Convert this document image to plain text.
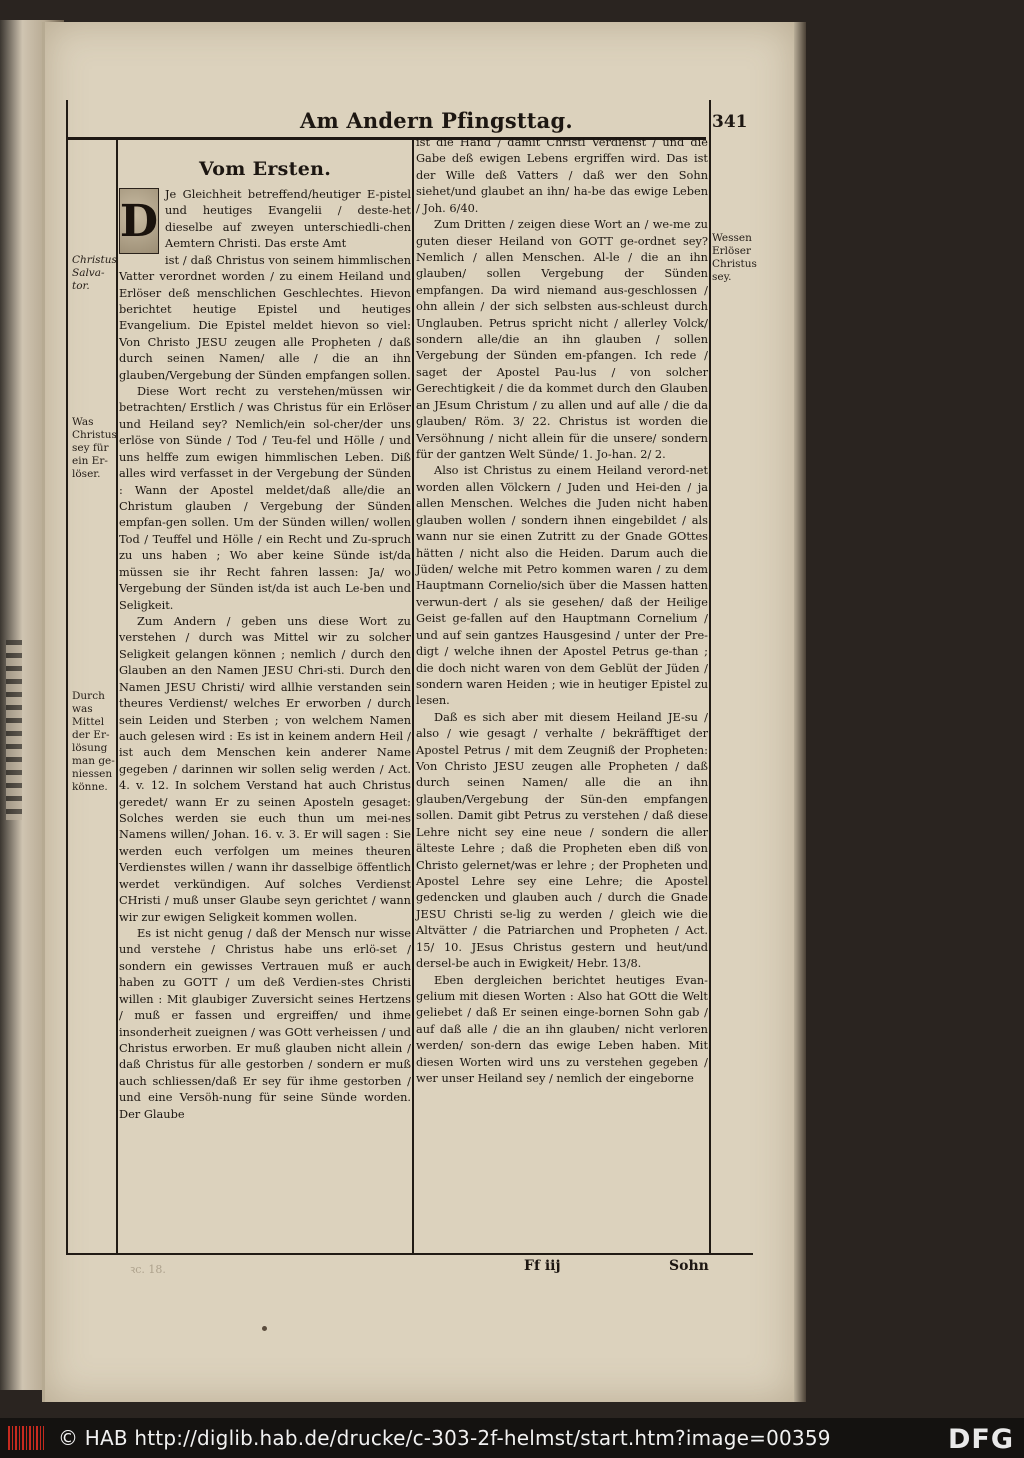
Am Andern Pfingsttag.	341
Christus
Salva-
tor.
Was
Christus
sey für
ein Er-
löser.
Durch
was
Mittel
der Er-
lösung
man ge-
niessen
könne.
Wessen
Erlöser
Christus
sey.
Vom Ersten.
D

Je Gleichheit betreffend/heutiger E-pistel und heutiges Evangelii / deste-het dieselbe auf zweyen unterschiedli-chen Aemtern Christi. Das erste Amt

ist / daß Christus von seinem himmlischen Vatter verordnet worden / zu einem Heiland und Erlöser deß menschlichen Geschlechtes. Hievon berichtet heutige Epistel und heutiges Evangelium. Die Epistel meldet hievon so viel: Von Christo JESU zeugen alle Propheten / daß durch seinen Namen/ alle / die an ihn glauben/Vergebung der Sünden empfangen sollen.

Diese Wort recht zu verstehen/müssen wir betrachten/ Erstlich / was Christus für ein Erlöser und Heiland sey? Nemlich/ein sol-cher/der uns erlöse von Sünde / Tod / Teu-fel und Hölle / und uns helffe zum ewigen himmlischen Leben. Diß alles wird verfasset in der Vergebung der Sünden : Wann der Apostel meldet/daß alle/die an Christum glauben / Vergebung der Sünden empfan-gen sollen. Um der Sünden willen/ wollen Tod / Teuffel und Hölle / ein Recht und Zu-spruch zu uns haben ; Wo aber keine Sünde ist/da müssen sie ihr Recht fahren lassen: Ja/ wo Vergebung der Sünden ist/da ist auch Le-ben und Seligkeit.

Zum Andern / geben uns diese Wort zu verstehen / durch was Mittel wir zu solcher Seligkeit gelangen können ; nemlich / durch den Glauben an den Namen JESU Chri-sti. Durch den Namen JESU Christi/ wird allhie verstanden sein theures Verdienst/ welches Er erworben / durch sein Leiden und Sterben ; von welchem Namen auch gelesen wird : Es ist in keinem andern Heil / ist auch dem Menschen kein anderer Name gegeben / darinnen wir sollen selig werden / Act. 4. v. 12. In solchem Verstand hat auch Christus geredet/ wann Er zu seinen Aposteln gesaget: Solches werden sie euch thun um mei-nes Namens willen/ Johan. 16. v. 3. Er will sagen : Sie werden euch verfolgen um meines theuren Verdienstes willen / wann ihr dasselbige öffentlich werdet verkündigen. Auf solches Verdienst CHristi / muß unser Glaube seyn gerichtet / wann wir zur ewigen Seligkeit kommen wollen.

Es ist nicht genug / daß der Mensch nur wisse und verstehe / Christus habe uns erlö-set / sondern ein gewisses Vertrauen muß er auch haben zu GOTT / um deß Verdien-stes Christi willen : Mit glaubiger Zuversicht seines Hertzens / muß er fassen und ergreiffen/ und ihme insonderheit zueignen / was GOtt verheissen / und Christus erworben. Er muß glauben nicht allein / daß Christus für alle gestorben / sondern er muß auch schliessen/daß Er sey für ihme gestorben / und eine Versöh-nung für seine Sünde worden. Der Glaube

ist die Hand / damit Christi Verdienst / und die Gabe deß ewigen Lebens ergriffen wird. Das ist der Wille deß Vatters / daß wer den Sohn siehet/und glaubet an ihn/ ha-be das ewige Leben / Joh. 6/40.

Zum Dritten / zeigen diese Wort an / we-me zu guten dieser Heiland von GOTT ge-ordnet sey? Nemlich / allen Menschen. Al-le / die an ihn glauben/ sollen Vergebung der Sünden empfangen. Da wird niemand aus-geschlossen / ohn allein / der sich selbsten aus-schleust durch Unglauben. Petrus spricht nicht / allerley Volck/ sondern alle/die an ihn glauben / sollen Vergebung der Sünden em-pfangen. Ich rede / saget der Apostel Pau-lus / von solcher Gerechtigkeit / die da kommet durch den Glauben an JEsum Christum / zu allen und auf alle / die da glauben/ Röm. 3/ 22. Christus ist worden die Versöhnung / nicht allein für die unsere/ sondern für der gantzen Welt Sünde/ 1. Jo-han. 2/ 2.

Also ist Christus zu einem Heiland verord-net worden allen Völckern / Juden und Hei-den / ja allen Menschen. Welches die Juden nicht haben glauben wollen / sondern ihnen eingebildet / als wann nur sie einen Zutritt zu der Gnade GOttes hätten / nicht also die Heiden. Darum auch die Jüden/ welche mit Petro kommen waren / zu dem Hauptmann Cornelio/sich über die Massen hatten verwun-dert / als sie gesehen/ daß der Heilige Geist ge-fallen auf den Hauptmann Cornelium / und auf sein gantzes Hausgesind / unter der Pre-digt / welche ihnen der Apostel Petrus ge-than ; die doch nicht waren von dem Geblüt der Jüden / sondern waren Heiden ; wie in heutiger Epistel zu lesen.

Daß es sich aber mit diesem Heiland JE-su / also / wie gesagt / verhalte / bekräfftiget der Apostel Petrus / mit dem Zeugniß der Propheten: Von Christo JESU zeugen alle Propheten / daß durch seinen Namen/ alle die an ihn glauben/Vergebung der Sün-den empfangen sollen. Damit gibt Petrus zu verstehen / daß diese Lehre nicht sey eine neue / sondern die aller älteste Lehre ; daß die Propheten eben diß von Christo gelernet/was er lehre ; der Propheten und Apostel Lehre sey eine Lehre; die Apostel gedencken und glauben auch / durch die Gnade JESU Christi se-lig zu werden / gleich wie die Altvätter / die Patriarchen und Propheten / Act. 15/ 10. JEsus Christus gestern und heut/und dersel-be auch in Ewigkeit/ Hebr. 13/8.

Eben dergleichen berichtet heutiges Evan-gelium mit diesen Worten : Also hat GOtt die Welt geliebet / daß Er seinen einge-bornen Sohn gab / auf daß alle / die an ihn glauben/ nicht verloren werden/ son-dern das ewige Leben haben. Mit diesen Worten wird uns zu verstehen gegeben / wer unser Heiland sey / nemlich der eingeborne

ꝛc. 18.	Ff iij	Sohn
© HAB http://diglib.hab.de/drucke/c-303-2f-helmst/start.htm?image=00359	DFG
